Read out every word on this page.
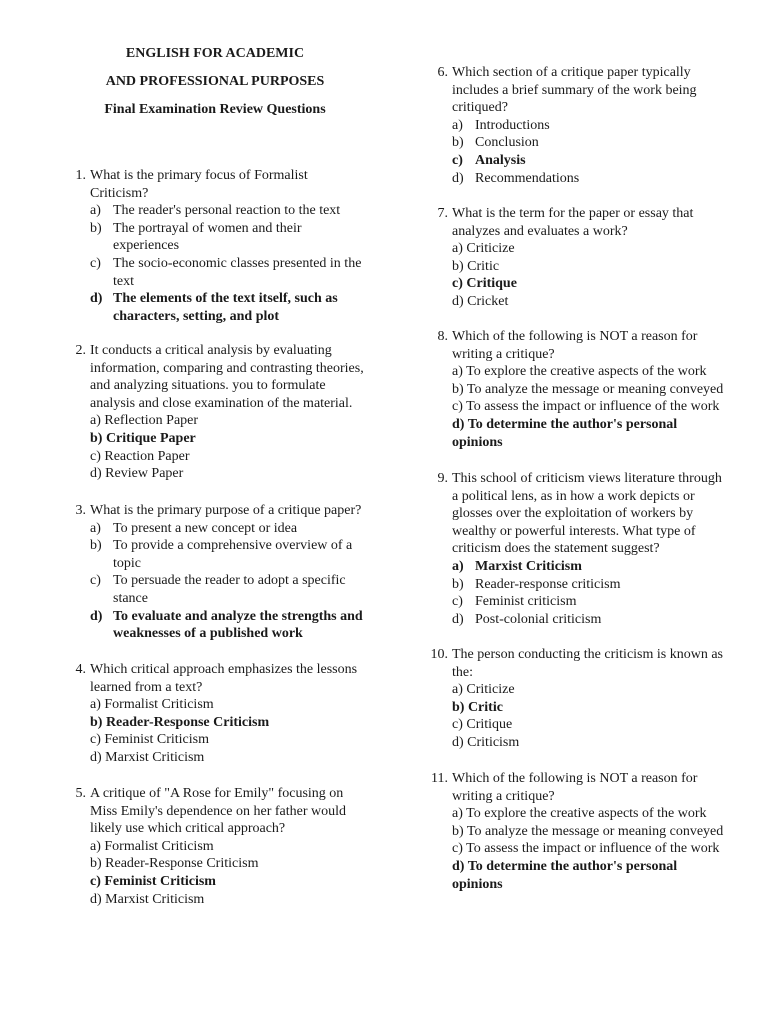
ENGLISH FOR ACADEMIC
AND PROFESSIONAL PURPOSES
Final Examination Review Questions
1. What is the primary focus of Formalist
Criticism?
a) The reader's personal reaction to the text
b) The portrayal of women and their
experiences
c) The socio-economic classes presented in the
text
d) The elements of the text itself, such as
characters, setting, and plot
2. It conducts a critical analysis by evaluating
information, comparing and contrasting theories,
and analyzing situations. you to formulate
analysis and close examination of the material.
a) Reflection Paper
b) Critique Paper
c) Reaction Paper
d) Review Paper
3. What is the primary purpose of a critique paper?
a) To present a new concept or idea
b) To provide a comprehensive overview of a
topic
c) To persuade the reader to adopt a specific
stance
d) To evaluate and analyze the strengths and
weaknesses of a published work
4. Which critical approach emphasizes the lessons
learned from a text?
a) Formalist Criticism
b) Reader-Response Criticism
c) Feminist Criticism
d) Marxist Criticism
5. A critique of "A Rose for Emily" focusing on
Miss Emily's dependence on her father would
likely use which critical approach?
a) Formalist Criticism
b) Reader-Response Criticism
c) Feminist Criticism
d) Marxist Criticism
6. Which section of a critique paper typically
includes a brief summary of the work being
critiqued?
a) Introductions
b) Conclusion
c) Analysis
d) Recommendations
7. What is the term for the paper or essay that
analyzes and evaluates a work?
a) Criticize
b) Critic
c) Critique
d) Cricket
8. Which of the following is NOT a reason for
writing a critique?
a) To explore the creative aspects of the work
b) To analyze the message or meaning conveyed
c) To assess the impact or influence of the work
d) To determine the author's personal
opinions
9. This school of criticism views literature through
a political lens, as in how a work depicts or
glosses over the exploitation of workers by
wealthy or powerful interests. What type of
criticism does the statement suggest?
a) Marxist Criticism
b) Reader-response criticism
c) Feminist criticism
d) Post-colonial criticism
10. The person conducting the criticism is known as
the:
a) Criticize
b) Critic
c) Critique
d) Criticism
11. Which of the following is NOT a reason for
writing a critique?
a) To explore the creative aspects of the work
b) To analyze the message or meaning conveyed
c) To assess the impact or influence of the work
d) To determine the author's personal
opinions
